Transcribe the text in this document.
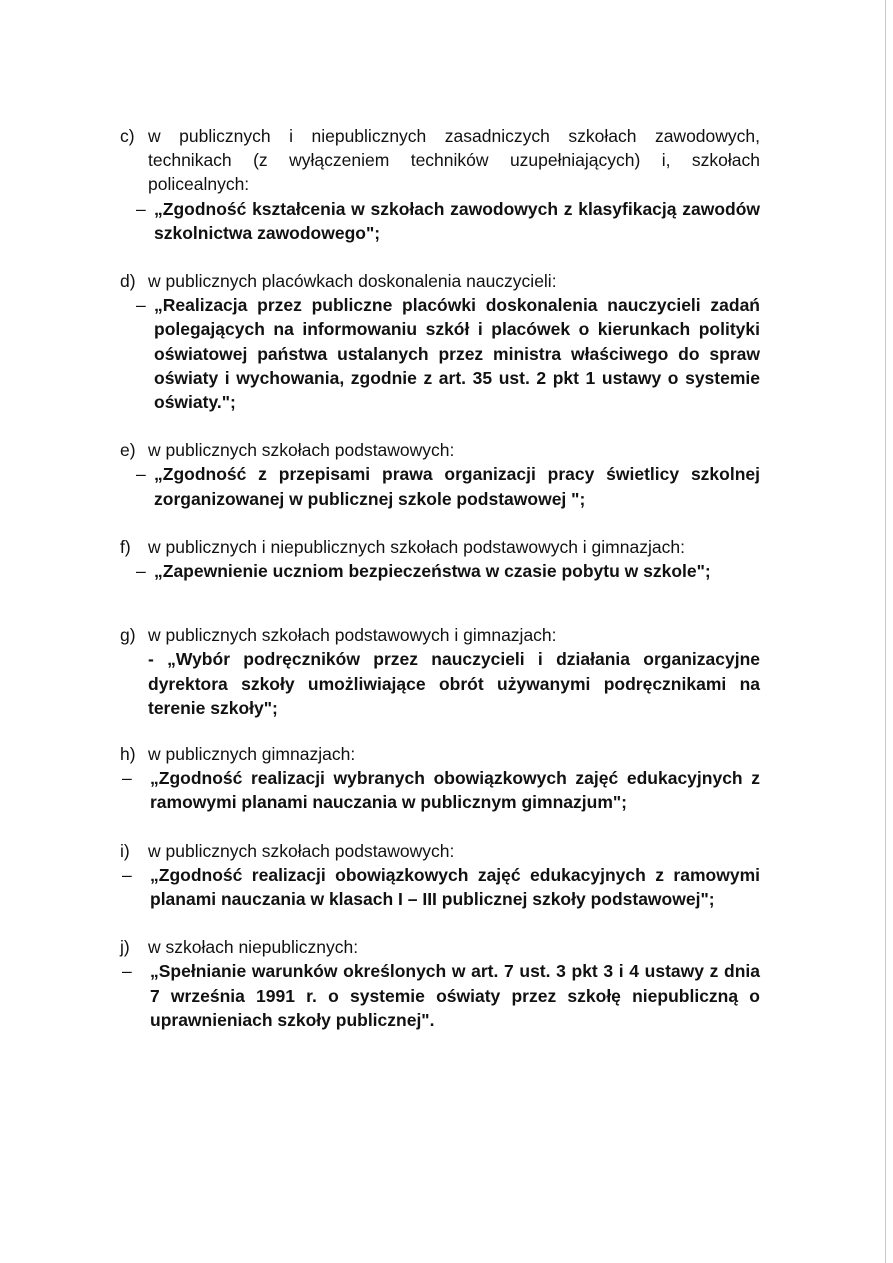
c) w publicznych i niepublicznych zasadniczych szkołach zawodowych, technikach (z wyłączeniem techników uzupełniających) i, szkołach policealnych:
– „Zgodność kształcenia w szkołach zawodowych z klasyfikacją zawodów szkolnictwa zawodowego";
d) w publicznych placówkach doskonalenia nauczycieli:
– „Realizacja przez publiczne placówki doskonalenia nauczycieli zadań polegających na informowaniu szkół i placówek o kierunkach polityki oświatowej państwa ustalanych przez ministra właściwego do spraw oświaty i wychowania, zgodnie z art. 35 ust. 2 pkt 1 ustawy o systemie oświaty.";
e) w publicznych szkołach podstawowych:
– „Zgodność z przepisami prawa organizacji pracy świetlicy szkolnej zorganizowanej w publicznej szkole podstawowej ";
f) w publicznych i niepublicznych szkołach podstawowych i gimnazjach:
– „Zapewnienie uczniom bezpieczeństwa w czasie pobytu w szkole";
g) w publicznych szkołach podstawowych i gimnazjach:
- „Wybór podręczników przez nauczycieli i działania organizacyjne dyrektora szkoły umożliwiające obrót używanymi podręcznikami na terenie szkoły";
h) w publicznych gimnazjach:
– „Zgodność realizacji wybranych obowiązkowych zajęć edukacyjnych z ramowymi planami nauczania w publicznym gimnazjum";
i) w publicznych szkołach podstawowych:
– „Zgodność realizacji obowiązkowych zajęć edukacyjnych z ramowymi planami nauczania w klasach I – III publicznej szkoły podstawowej";
j) w szkołach niepublicznych:
– „Spełnianie warunków określonych w art. 7 ust. 3 pkt 3 i 4 ustawy z dnia 7 września 1991 r. o systemie oświaty przez szkołę niepubliczną o uprawnieniach szkoły publicznej".
